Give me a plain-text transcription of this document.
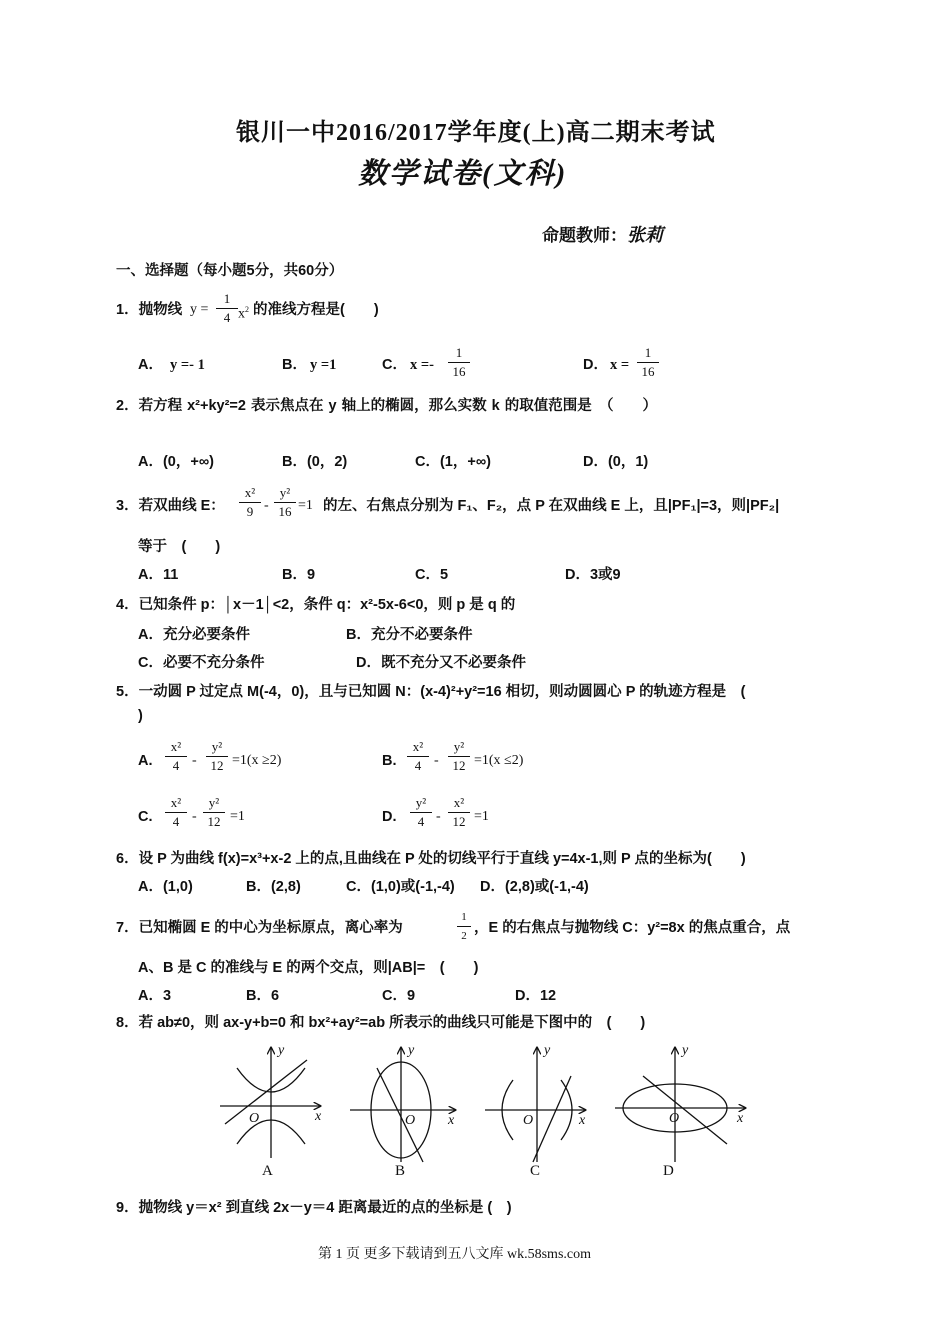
银川一中2016/2017学年度(上)高二期末考试
数学试卷(文科)
命题教师：张莉
一、选择题（每小题5分，共60分）
1．抛物线 $y = \frac{1}{4} x^2$ 的准线方程是(　　)
A． y =- 1	B． y =1	C． $x =- \frac{1}{16}$	D． $x = \frac{1}{16}$
2．若方程 x²+ky²=2 表示焦点在 y 轴上的椭圆，那么实数 k 的取值范围是　（　　）
A．(0，+∞)	B．(0，2)	C．(1，+∞)	D．(0，1)
3．若双曲线 E： $\frac{\text{x²}}{9} - \frac{\text{y²}}{16} =1$ 的左、右焦点分别为 F₁、F₂，点 P 在双曲线 E 上，且|PF₁|=3，则|PF₂|
等于　(　　)
A．11	B．9	C．5	D．3或9
4．已知条件 p：│x－1│<2，条件 q：x²-5x-6<0，则 p 是 q 的
A．充分必要条件	B．充分不必要条件
C．必要不充分条件	D．既不充分又不必要条件
5．一动圆 P 过定点 M(-4，0)，且与已知圆 N：(x-4)²+y²=16 相切，则动圆圆心 P 的轨迹方程是　(
)
A. $\frac{\text{x²}}{4} - \frac{\text{y²}}{12} =1(x \ge 2)$	B. $\frac{\text{x²}}{4} - \frac{\text{y²}}{12} =1(x \le 2)$
C. $\frac{\text{x²}}{4} - \frac{\text{y²}}{12} =1$	D. $\frac{\text{y²}}{4} - \frac{\text{x²}}{12} =1$
6．设 P 为曲线 f(x)=x³+x-2 上的点,且曲线在 P 处的切线平行于直线 y=4x-1,则 P 点的坐标为(　　)
A．(1,0)	B．(2,8)	C．(1,0)或(-1,-4) D．(2,8)或(-1,-4)
7．已知椭圆 E 的中心为坐标原点，离心率为	$\frac{1}{2}$ ，E 的右焦点与抛物线 C：y²=8x 的焦点重合，点
A、B 是 C 的准线与 E 的两个交点，则|AB|=　(　　)
A．3	B．6	C．9	D．12
8．若 ab≠0，则 ax-y+b=0 和 bx²+ay²=ab 所表示的曲线只可能是下图中的　(　　)
y
x
O
y
x
O
y
x
O
y
x
O
A	B	C	D
9．抛物线 y＝x² 到直线 2x－y＝4 距离最近的点的坐标是 (　)
第 1 页 更多下载请到五八文库 wk.58sms.com
